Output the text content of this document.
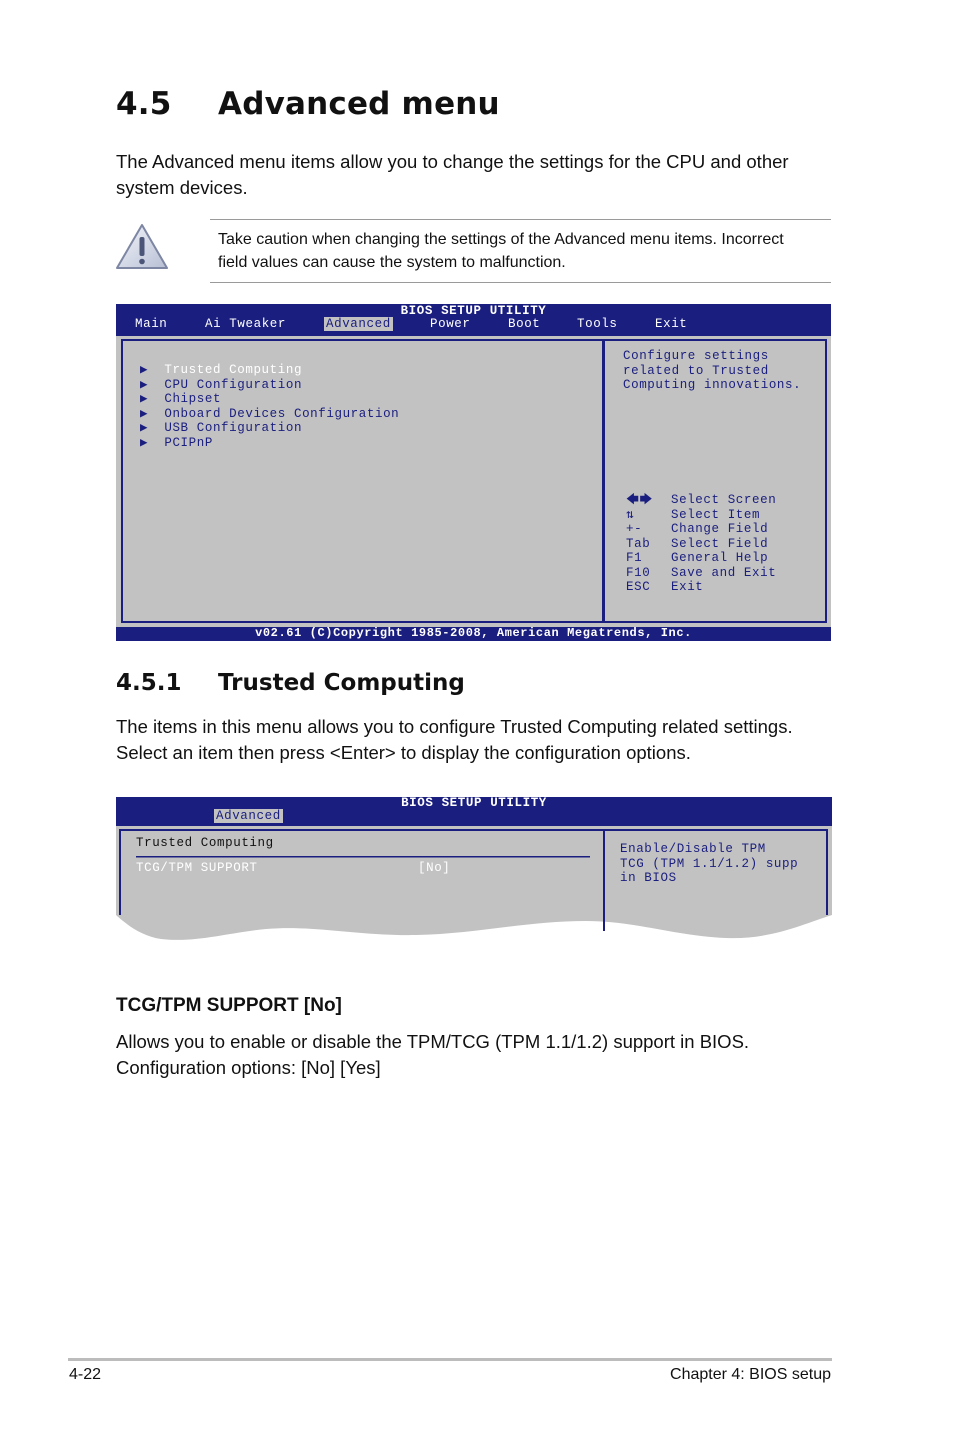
4.5 Advanced menu
The Advanced menu items allow you to change the settings for the CPU and other
system devices.
Take caution when changing the settings of the Advanced menu items. Incorrect
field values can cause the system to malfunction.
BIOS SETUP UTILITY
Main	Ai Tweaker	Advanced	Power	Boot	Tools	Exit
▶ Trusted Computing
▶ CPU Configuration
▶ Chipset
▶ Onboard Devices Configuration
▶ USB Configuration
▶ PCIPnP
Configure settings
related to Trusted
Computing innovations.
🡄🡆 Select Screen
⇅	Select Item
+- Change Field
Tab Select Field
F1 General Help
F10 Save and Exit
ESC Exit
v02.61 (C)Copyright 1985-2008, American Megatrends, Inc.
4.5.1 Trusted Computing
The items in this menu allows you to configure Trusted Computing related settings.
Select an item then press <Enter> to display the configuration options.
BIOS SETUP UTILITY
Advanced
Trusted Computing
TCG/TPM SUPPORT	[No]
Enable/Disable TPM
TCG (TPM 1.1/1.2) supp
in BIOS
TCG/TPM SUPPORT [No]
Allows you to enable or disable the TPM/TCG (TPM 1.1/1.2) support in BIOS.
Configuration options: [No] [Yes]
4-22	Chapter 4: BIOS setup
